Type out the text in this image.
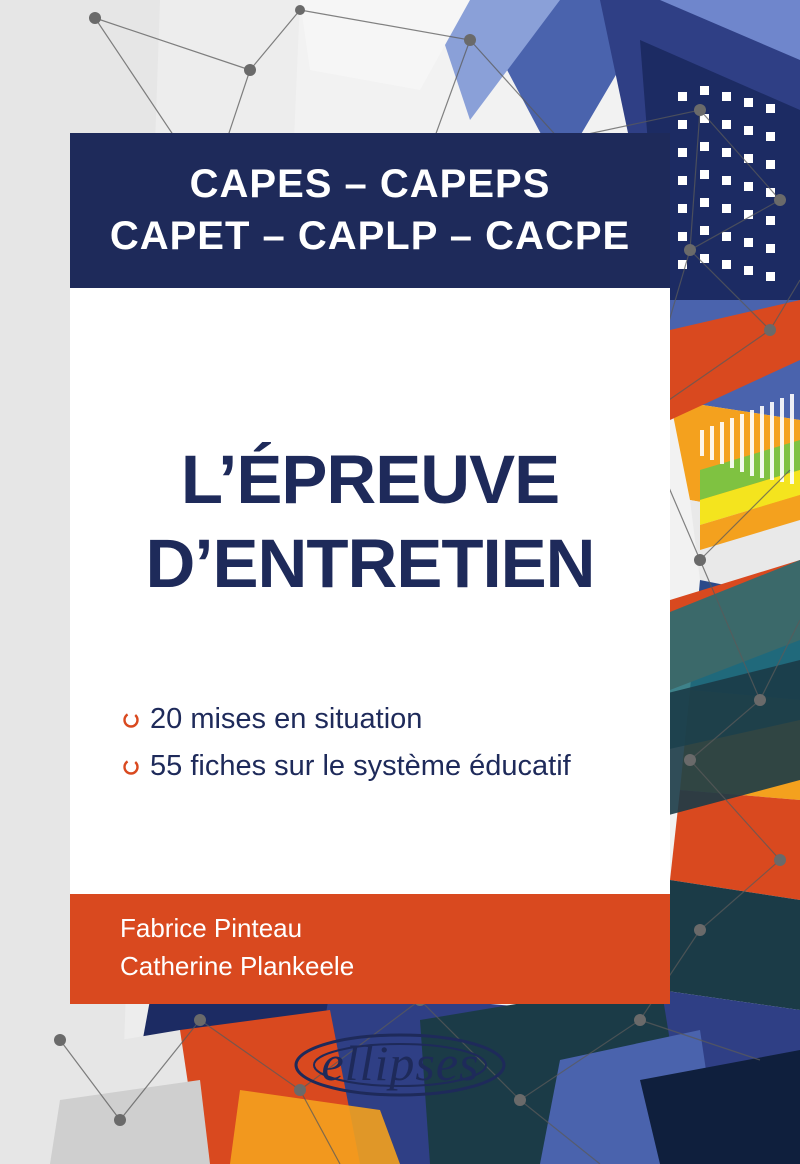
CAPES – CAPEPS
CAPET – CAPLP – CACPE
L’ÉPREUVE
D’ENTRETIEN
20 mises en situation
55 fiches sur le système éducatif
Fabrice Pinteau
Catherine Plankeele
ellipses
